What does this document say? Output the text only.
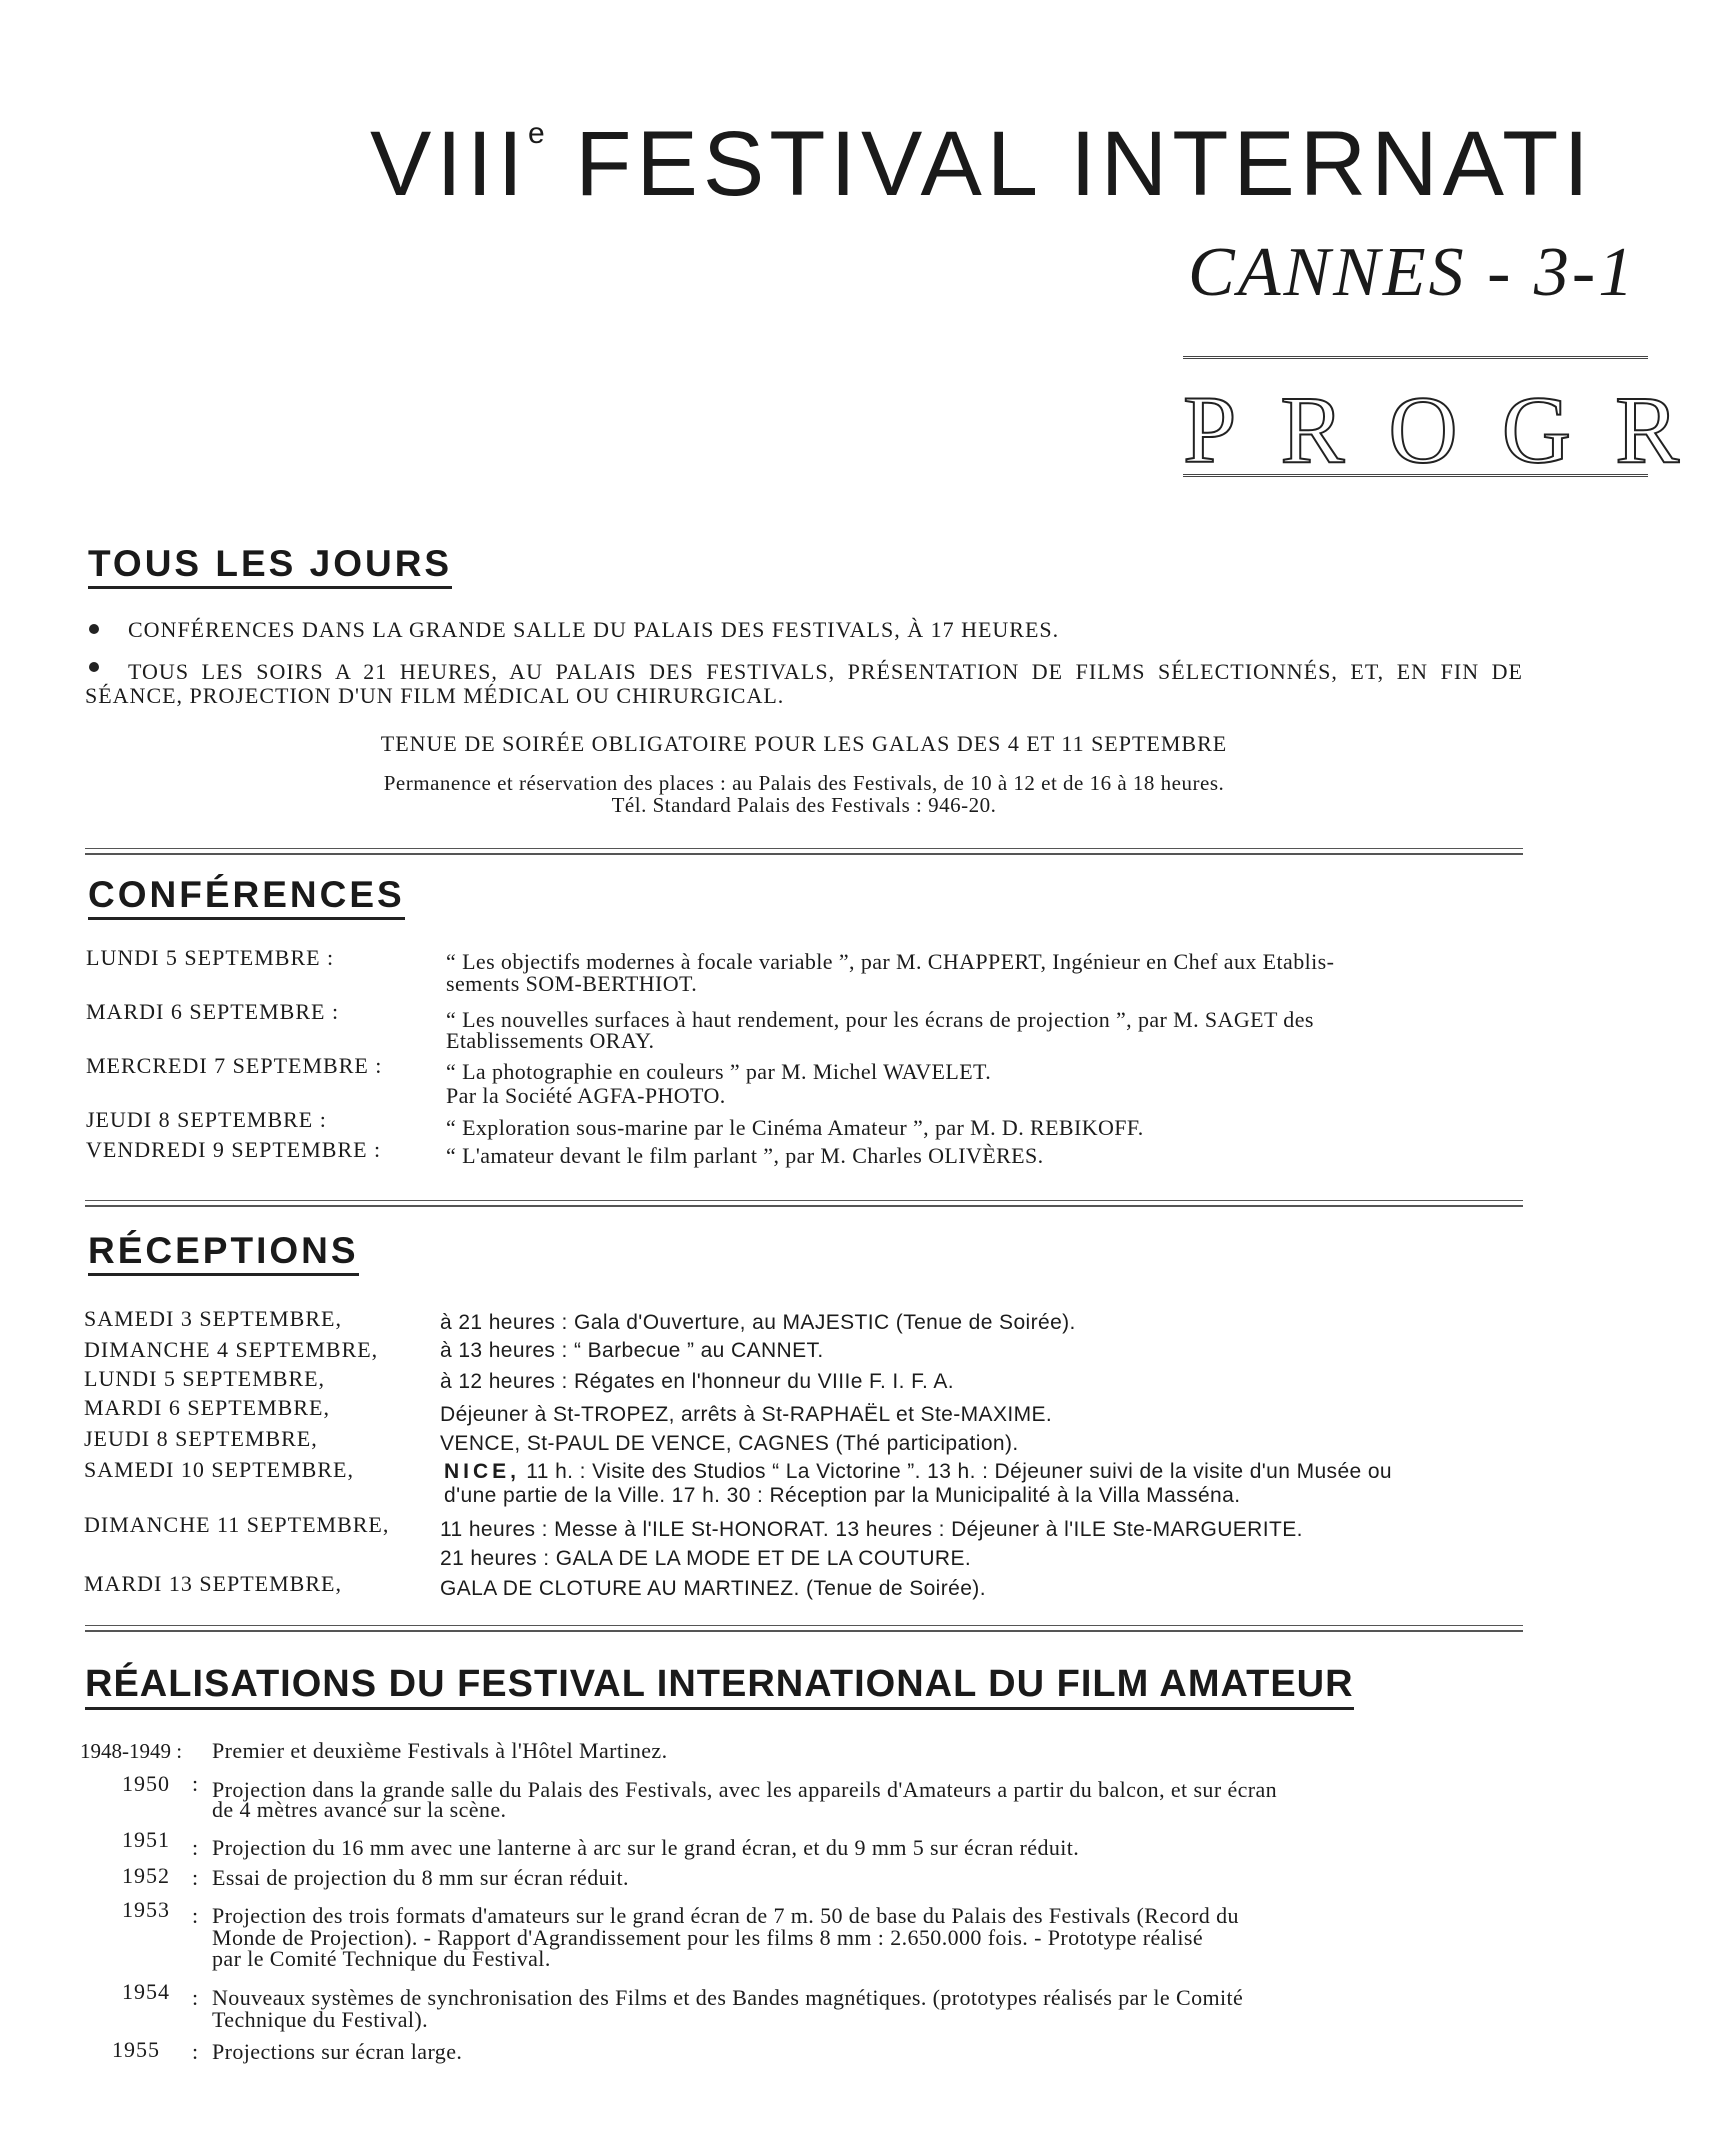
VIIIe FESTIVAL INTERNATI
CANNES - 3-1
PROGR
TOUS LES JOURS
CONFÉRENCES DANS LA GRANDE SALLE DU PALAIS DES FESTIVALS, À 17 HEURES.
TOUS LES SOIRS A 21 HEURES, AU PALAIS DES FESTIVALS, PRÉSENTATION DE FILMS SÉLECTIONNÉS, ET, EN FIN DE SÉANCE, PROJECTION D'UN FILM MÉDICAL OU CHIRURGICAL.
TENUE DE SOIRÉE OBLIGATOIRE POUR LES GALAS DES 4 ET 11 SEPTEMBRE
Permanence et réservation des places : au Palais des Festivals, de 10 à 12 et de 16 à 18 heures.
Tél. Standard Palais des Festivals : 946-20.
CONFÉRENCES
LUNDI 5 SEPTEMBRE :	“ Les objectifs modernes à focale variable ”, par M. CHAPPERT, Ingénieur en Chef aux Etablis-
sements SOM-BERTHIOT.
MARDI 6 SEPTEMBRE :	“ Les nouvelles surfaces à haut rendement, pour les écrans de projection ”, par M. SAGET des
Etablissements ORAY.
MERCREDI 7 SEPTEMBRE :	“ La photographie en couleurs ” par M. Michel WAVELET.
Par la Société AGFA-PHOTO.
JEUDI 8 SEPTEMBRE :	“ Exploration sous-marine par le Cinéma Amateur ”, par M. D. REBIKOFF.
VENDREDI 9 SEPTEMBRE :	“ L'amateur devant le film parlant ”, par M. Charles OLIVÈRES.
RÉCEPTIONS
SAMEDI 3 SEPTEMBRE,	à 21 heures : Gala d'Ouverture, au MAJESTIC (Tenue de Soirée).
DIMANCHE 4 SEPTEMBRE,	à 13 heures : “ Barbecue ” au CANNET.
LUNDI 5 SEPTEMBRE,	à 12 heures : Régates en l'honneur du VIIIe F. I. F. A.
MARDI 6 SEPTEMBRE,	Déjeuner à St-TROPEZ, arrêts à St-RAPHAËL et Ste-MAXIME.
JEUDI 8 SEPTEMBRE,	VENCE, St-PAUL DE VENCE, CAGNES (Thé participation).
SAMEDI 10 SEPTEMBRE,	NICE, 11 h. : Visite des Studios “ La Victorine ”. 13 h. : Déjeuner suivi de la visite d'un Musée ou
d'une partie de la Ville. 17 h. 30 : Réception par la Municipalité à la Villa Masséna.
DIMANCHE 11 SEPTEMBRE, 11 heures : Messe à l'ILE St-HONORAT. 13 heures : Déjeuner à l'ILE Ste-MARGUERITE.
21 heures : GALA DE LA MODE ET DE LA COUTURE.
MARDI 13 SEPTEMBRE,	GALA DE CLOTURE AU MARTINEZ. (Tenue de Soirée).
RÉALISATIONS DU FESTIVAL INTERNATIONAL DU FILM AMATEUR
1948-1949 : Premier et deuxième Festivals à l'Hôtel Martinez.
1950 : Projection dans la grande salle du Palais des Festivals, avec les appareils d'Amateurs a partir du balcon, et sur écran
de 4 mètres avancé sur la scène.
1951 : Projection du 16 mm avec une lanterne à arc sur le grand écran, et du 9 mm 5 sur écran réduit.
1952 : Essai de projection du 8 mm sur écran réduit.
1953 : Projection des trois formats d'amateurs sur le grand écran de 7 m. 50 de base du Palais des Festivals (Record du
Monde de Projection). - Rapport d'Agrandissement pour les films 8 mm : 2.650.000 fois. - Prototype réalisé
par le Comité Technique du Festival.
1954 : Nouveaux systèmes de synchronisation des Films et des Bandes magnétiques. (prototypes réalisés par le Comité
Technique du Festival).
1955 : Projections sur écran large.
